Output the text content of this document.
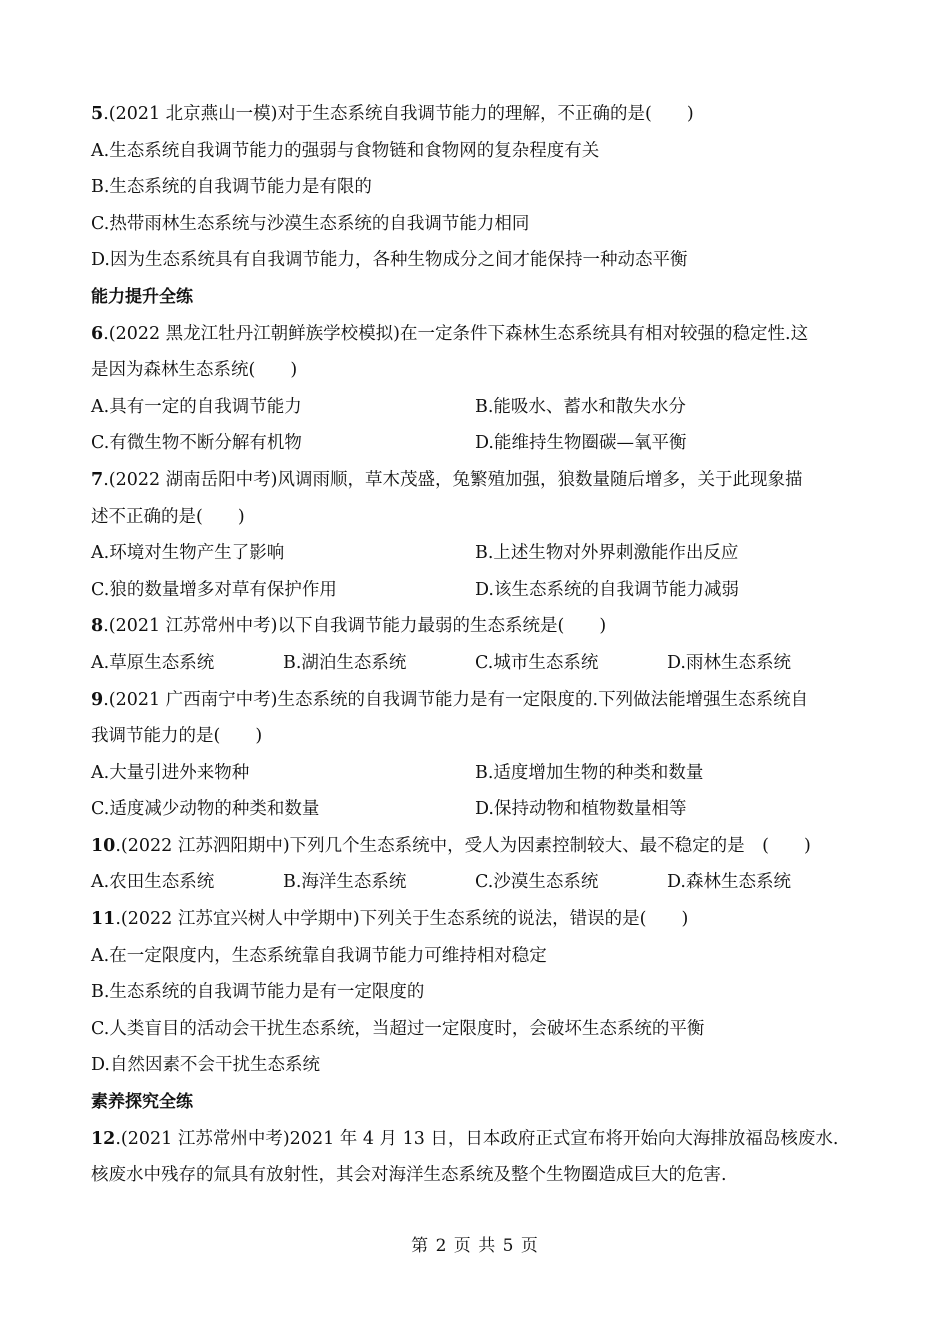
5.(2021 北京燕山一模)对于生态系统自我调节能力的理解，不正确的是(　　)
A.生态系统自我调节能力的强弱与食物链和食物网的复杂程度有关
B.生态系统的自我调节能力是有限的
C.热带雨林生态系统与沙漠生态系统的自我调节能力相同
D.因为生态系统具有自我调节能力，各种生物成分之间才能保持一种动态平衡
能力提升全练
6.(2022 黑龙江牡丹江朝鲜族学校模拟)在一定条件下森林生态系统具有相对较强的稳定性.这
是因为森林生态系统(　　)
A.具有一定的自我调节能力	B.能吸水、蓄水和散失水分
C.有微生物不断分解有机物	D.能维持生物圈碳—氧平衡
7.(2022 湖南岳阳中考)风调雨顺，草木茂盛，兔繁殖加强，狼数量随后增多，关于此现象描
述不正确的是(　　)
A.环境对生物产生了影响	B.上述生物对外界刺激能作出反应
C.狼的数量增多对草有保护作用	D.该生态系统的自我调节能力减弱
8.(2021 江苏常州中考)以下自我调节能力最弱的生态系统是(　　)
A.草原生态系统	B.湖泊生态系统	C.城市生态系统	D.雨林生态系统
9.(2021 广西南宁中考)生态系统的自我调节能力是有一定限度的.下列做法能增强生态系统自
我调节能力的是(　　)
A.大量引进外来物种	B.适度增加生物的种类和数量
C.适度减少动物的种类和数量	D.保持动物和植物数量相等
10.(2022 江苏泗阳期中)下列几个生态系统中，受人为因素控制较大、最不稳定的是　(　　)
A.农田生态系统	B.海洋生态系统	C.沙漠生态系统	D.森林生态系统
11.(2022 江苏宜兴树人中学期中)下列关于生态系统的说法，错误的是(　　)
A.在一定限度内，生态系统靠自我调节能力可维持相对稳定
B.生态系统的自我调节能力是有一定限度的
C.人类盲目的活动会干扰生态系统，当超过一定限度时，会破坏生态系统的平衡
D.自然因素不会干扰生态系统
素养探究全练
12.(2021 江苏常州中考)2021 年 4 月 13 日，日本政府正式宣布将开始向大海排放福岛核废水.
核废水中残存的氚具有放射性，其会对海洋生态系统及整个生物圈造成巨大的危害.
第 2 页 共 5 页
